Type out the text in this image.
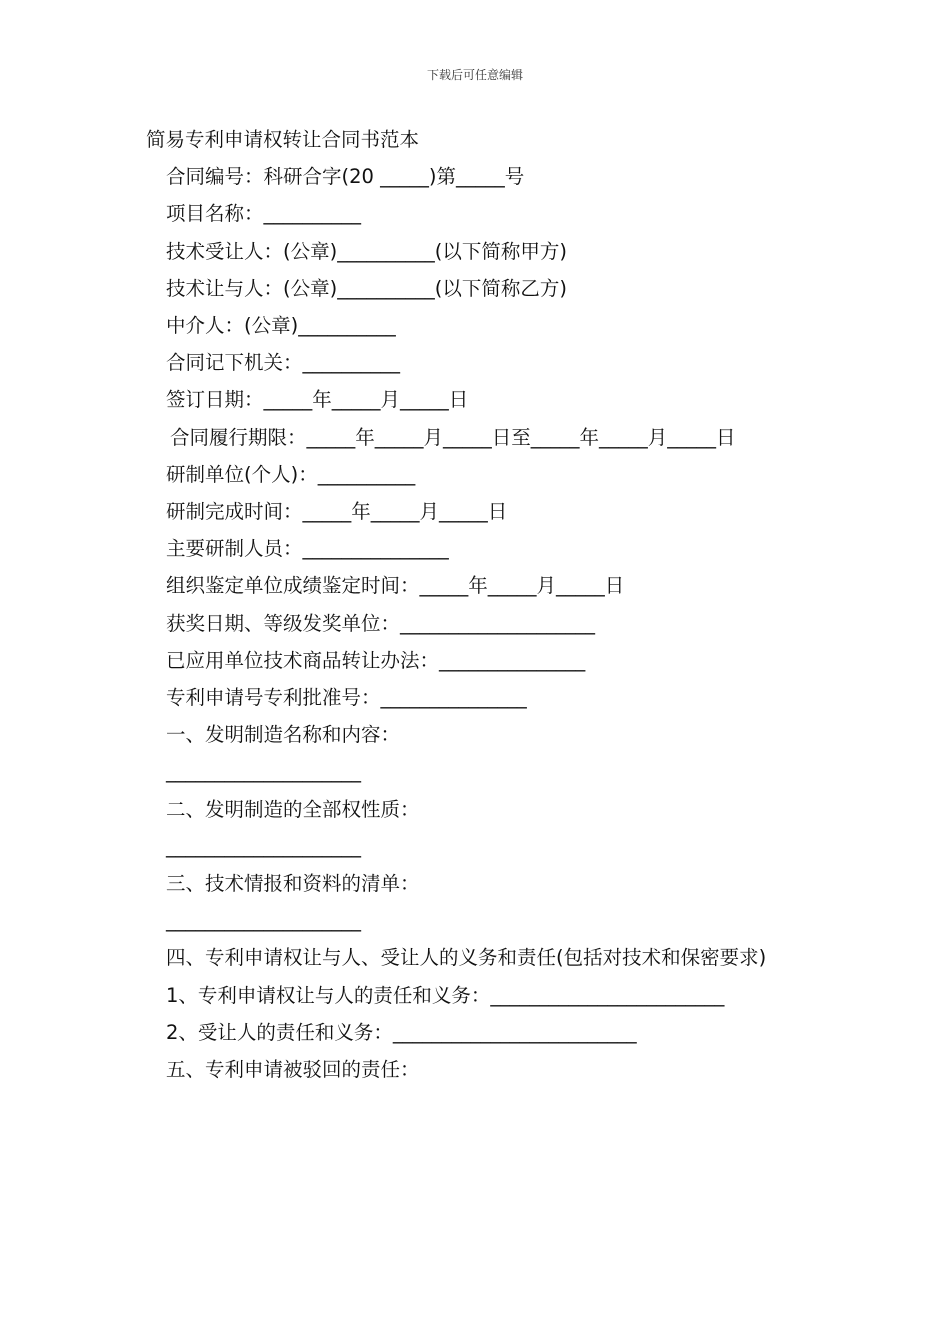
下载后可任意编辑

简易专利申请权转让合同书范本

合同编号：科研合字(20 _____)第_____号

项目名称：__________

技术受让人：(公章)__________(以下简称甲方)

技术让与人：(公章)__________(以下简称乙方)

中介人：(公章)__________

合同记下机关：__________

签订日期：_____年_____月_____日

合同履行期限：_____年_____月_____日至_____年_____月_____日

研制单位(个人)：__________

研制完成时间：_____年_____月_____日

主要研制人员：_______________

组织鉴定单位成绩鉴定时间：_____年_____月_____日

获奖日期、等级发奖单位：____________________

已应用单位技术商品转让办法：_______________

专利申请号专利批准号：_______________

一、发明制造名称和内容：

____________________

二、发明制造的全部权性质：

____________________

三、技术情报和资料的清单：

____________________

四、专利申请权让与人、受让人的义务和责任(包括对技术和保密要求)

1、专利申请权让与人的责任和义务：________________________

2、受让人的责任和义务：_________________________

五、专利申请被驳回的责任：
